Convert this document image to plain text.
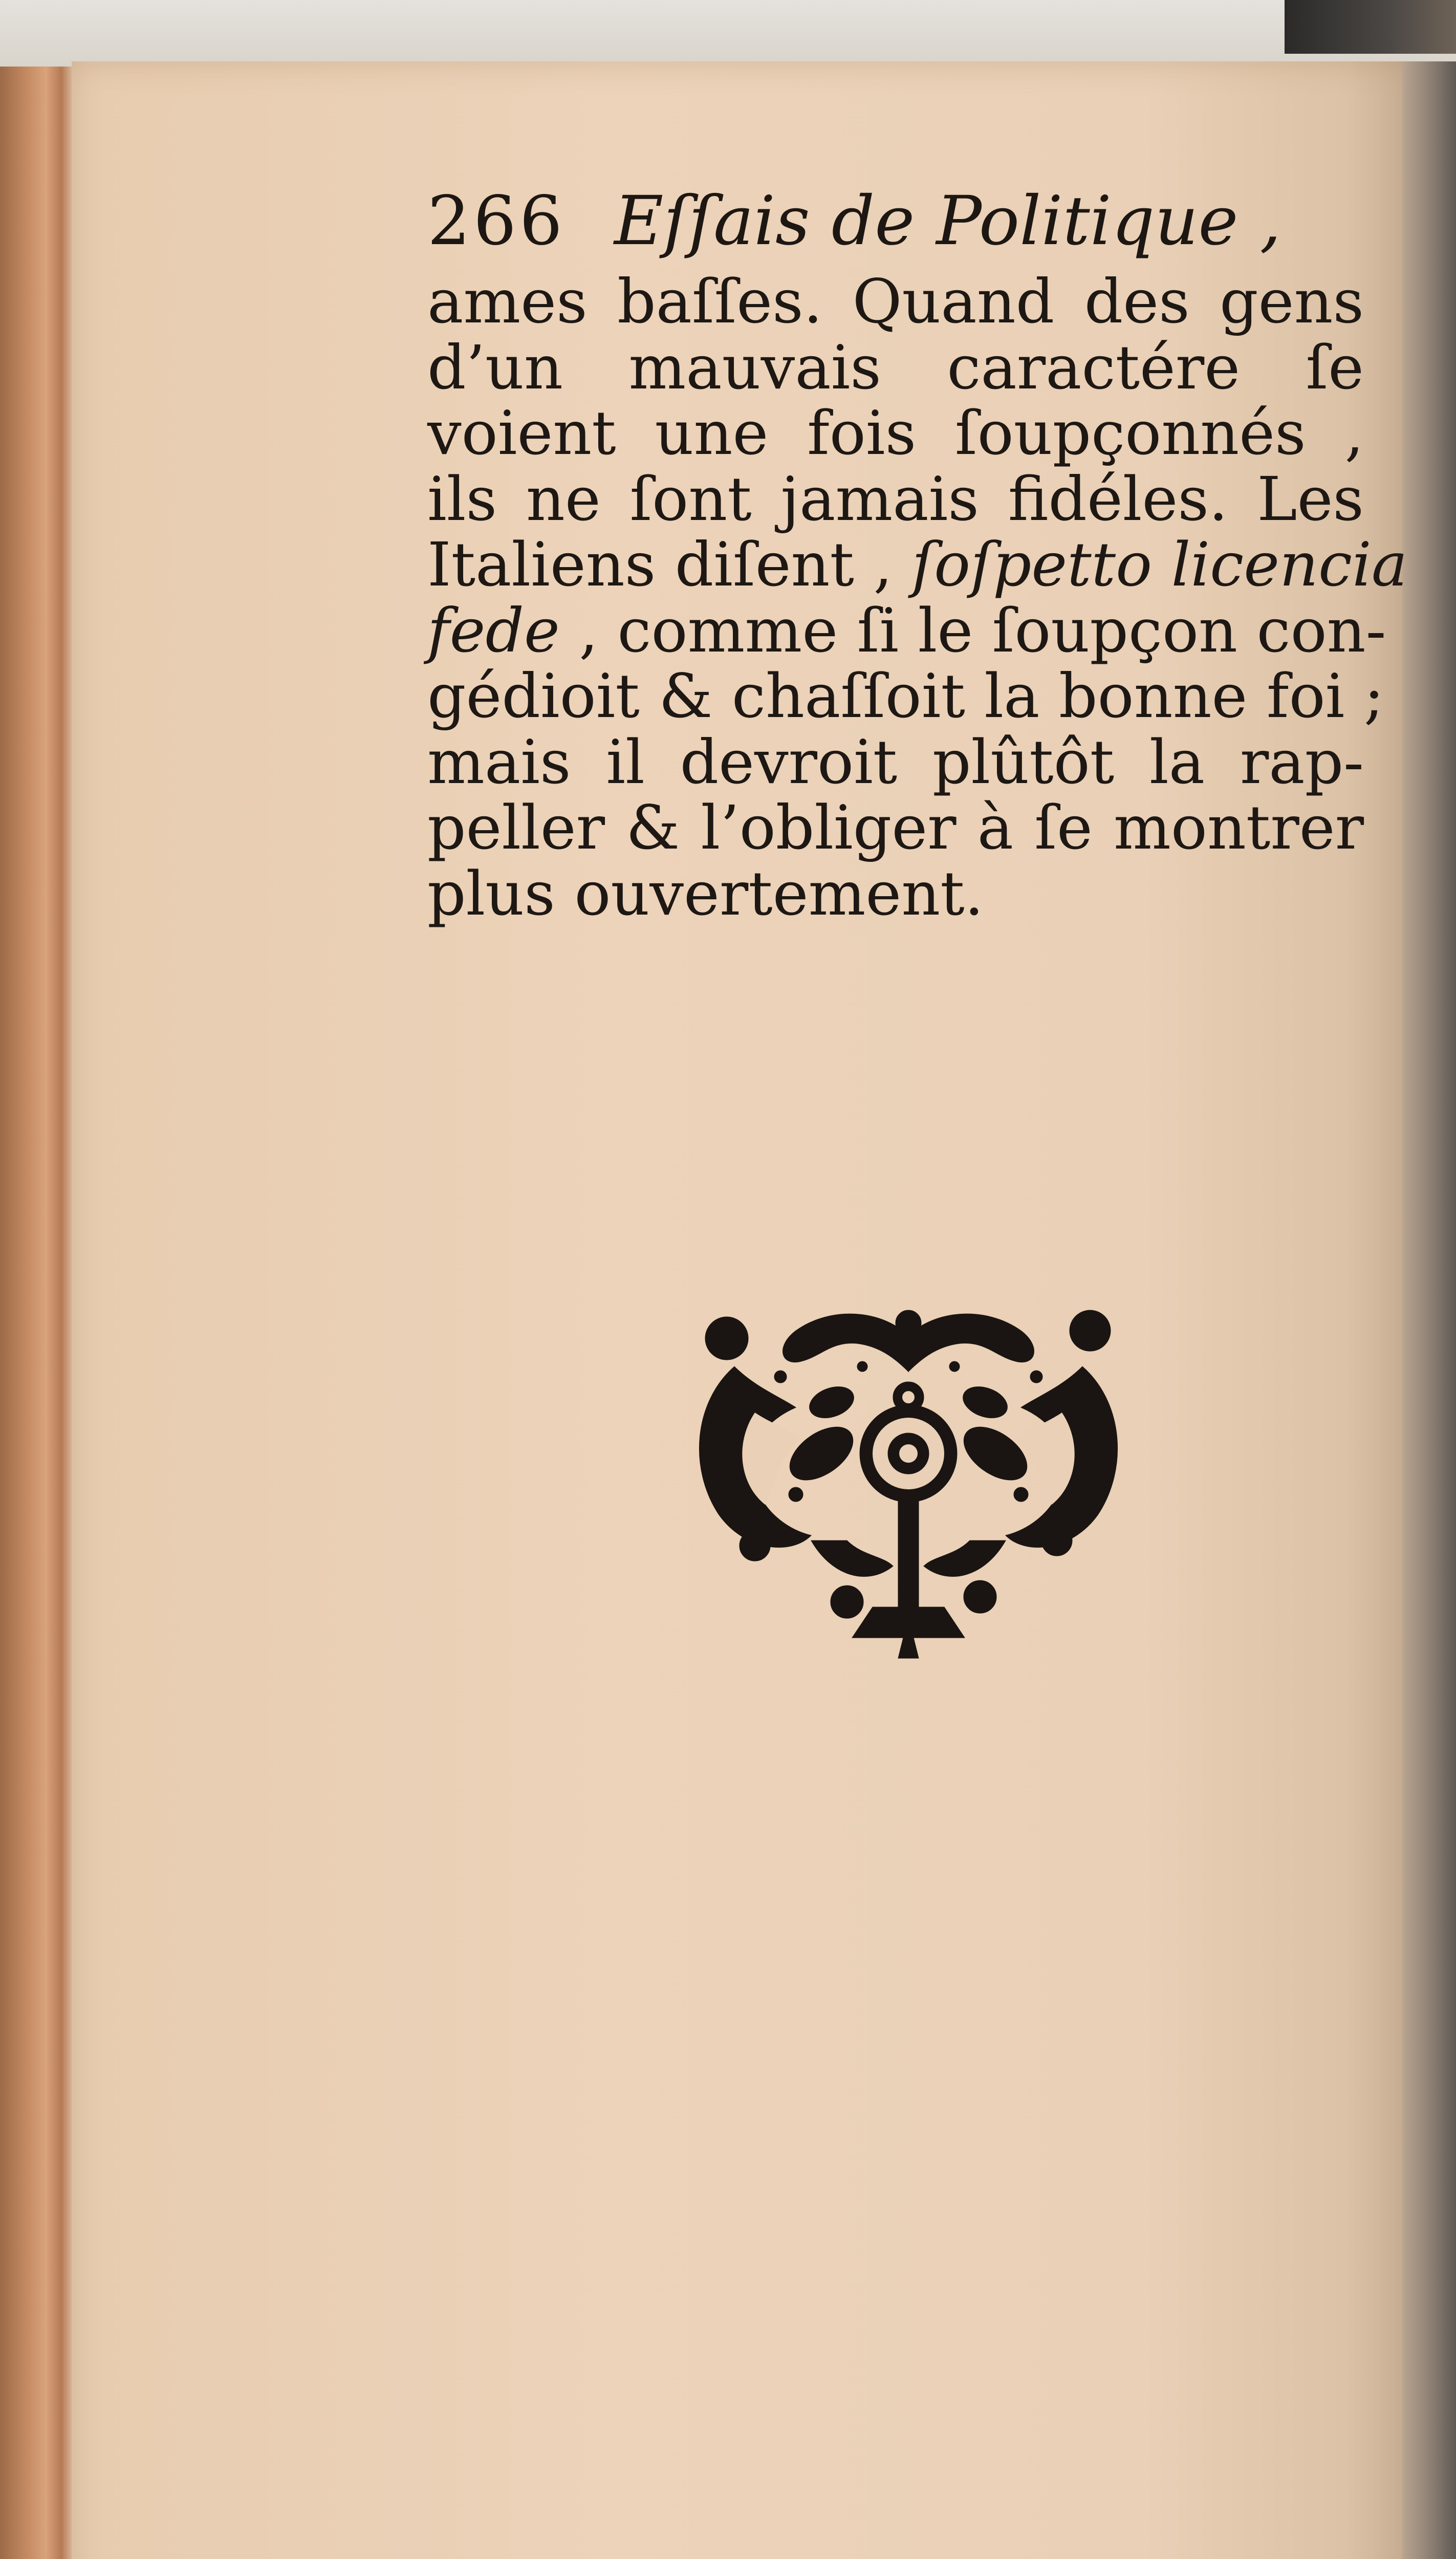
266 Eſſais de Politique ,
ames baſſes. Quand des gens
d’un mauvais caractére ſe
voient une fois ſoupçonnés ,
ils ne ſont jamais fidéles. Les
Italiens diſent , ſoſpetto licencia
fede , comme ſi le ſoupçon con-
gédioit & chaſſoit la bonne foi ;
mais il devroit plûtôt la rap-
peller & l’obliger à ſe montrer
plus ouvertement.
